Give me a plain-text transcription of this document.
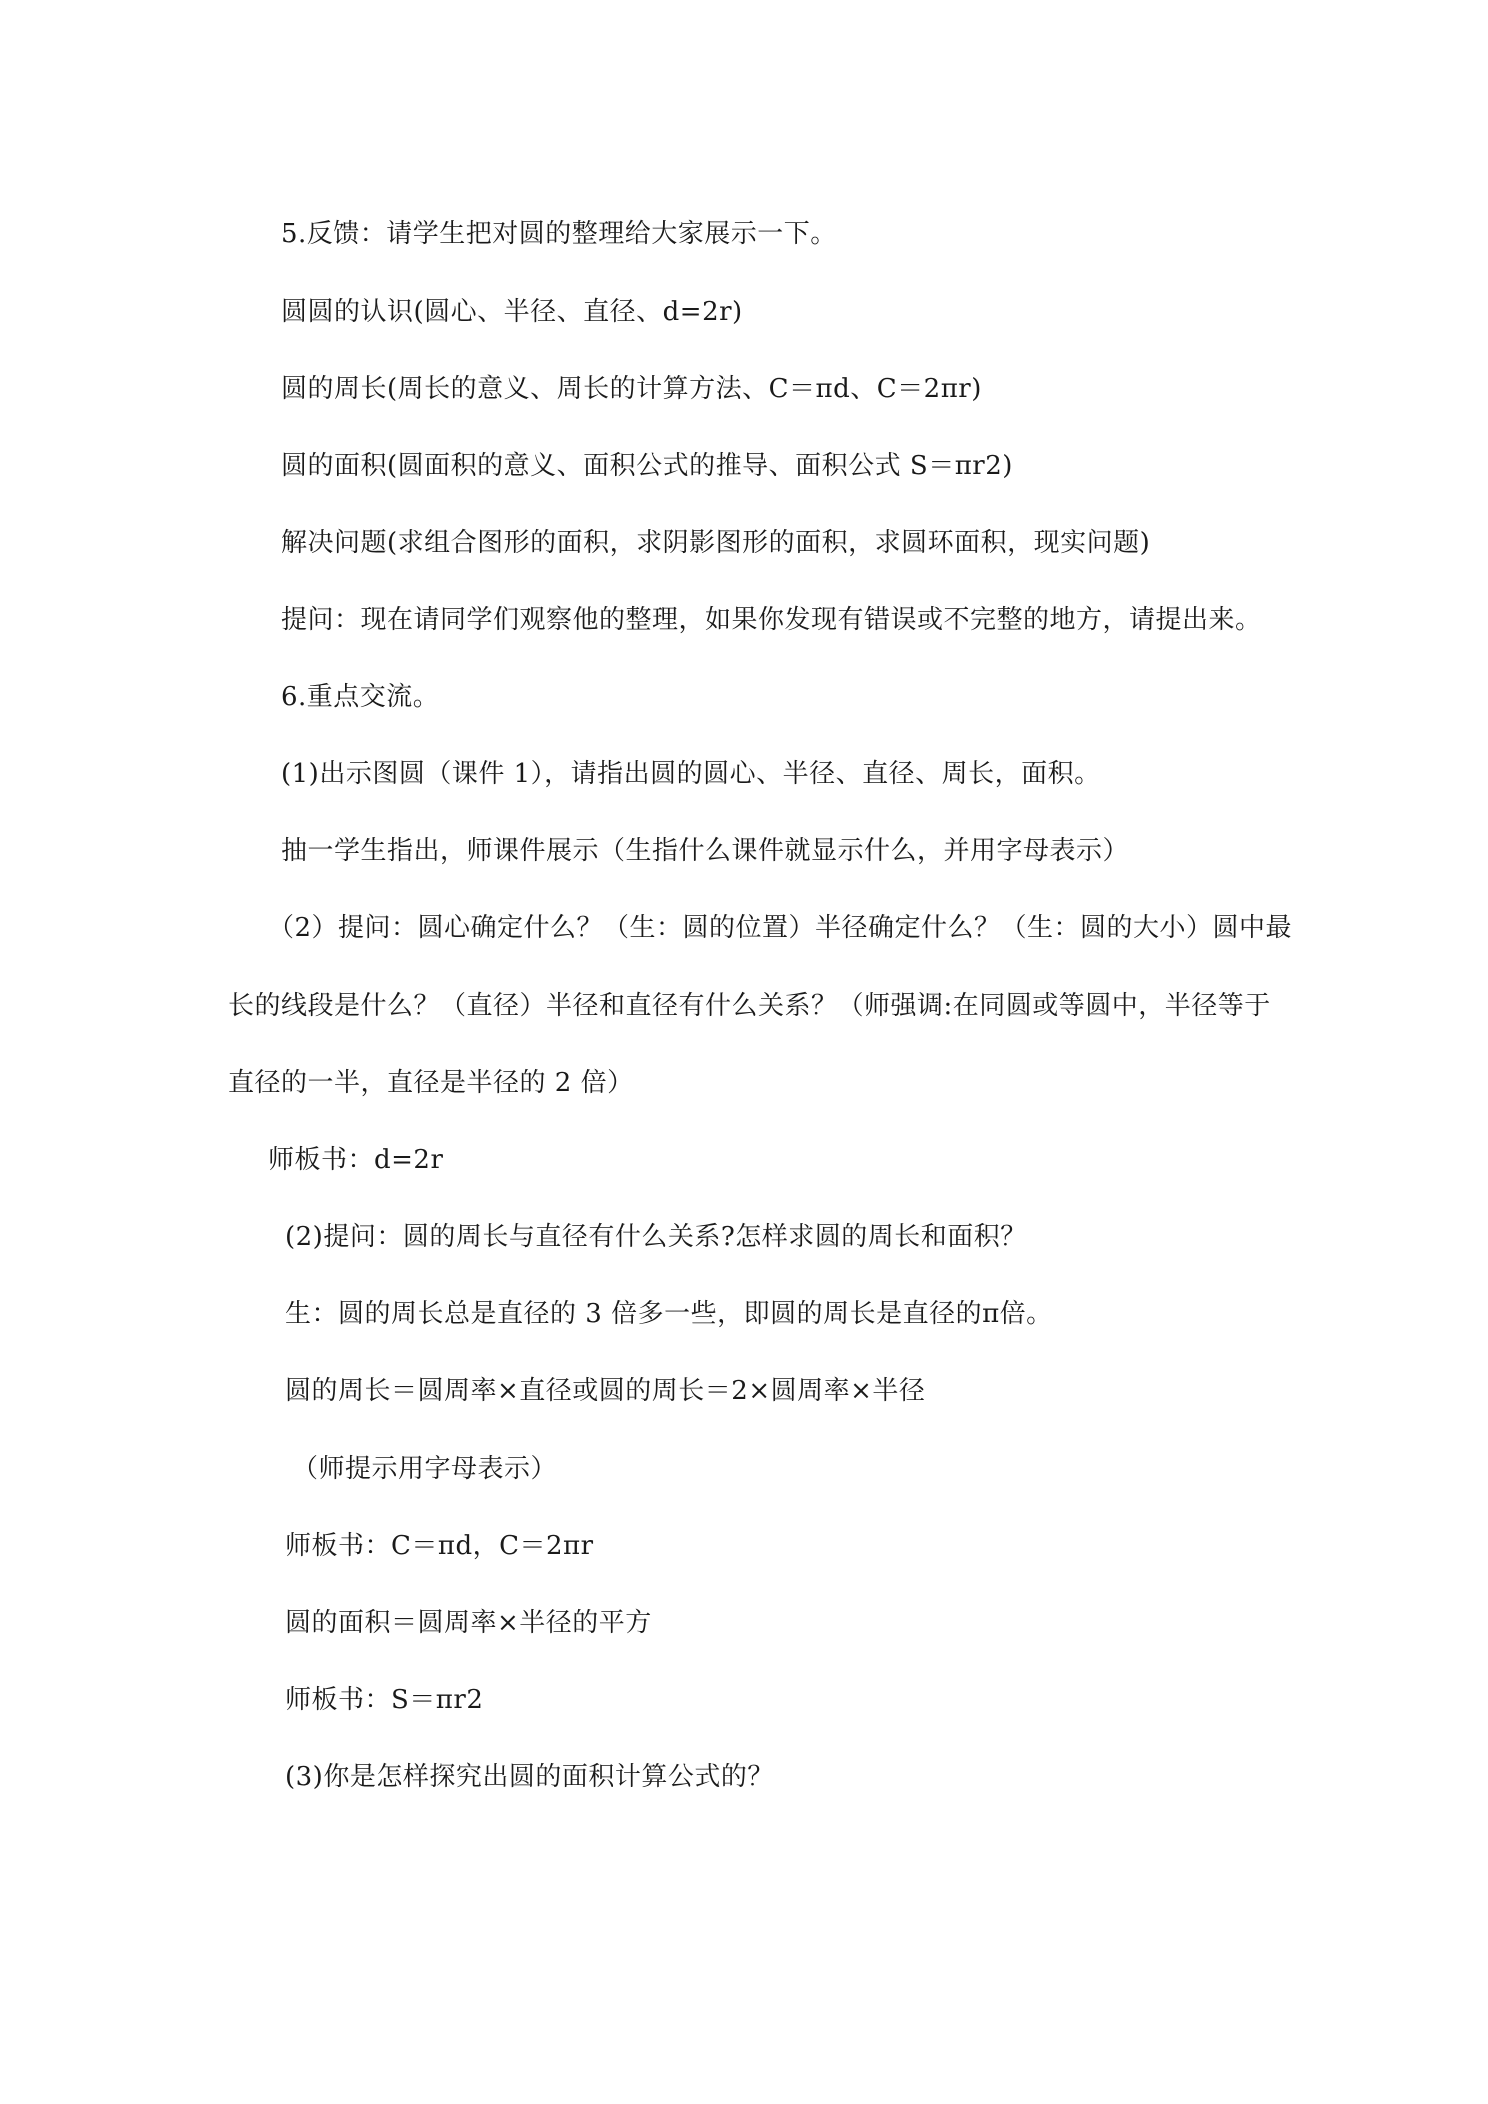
5.反馈：请学生把对圆的整理给大家展示一下。

圆圆的认识(圆心、半径、直径、d=2r)

圆的周长(周长的意义、周长的计算方法、C＝πd、C＝2πr)

圆的面积(圆面积的意义、面积公式的推导、面积公式 S＝πr2)

解决问题(求组合图形的面积，求阴影图形的面积，求圆环面积，现实问题)

提问：现在请同学们观察他的整理，如果你发现有错误或不完整的地方，请提出来。

6.重点交流。

(1)出示图圆（课件 1），请指出圆的圆心、半径、直径、周长，面积。

抽一学生指出，师课件展示（生指什么课件就显示什么，并用字母表示）

（2）提问：圆心确定什么？（生：圆的位置）半径确定什么？（生：圆的大小）圆中最

长的线段是什么？（直径）半径和直径有什么关系？（师强调:在同圆或等圆中，半径等于

直径的一半，直径是半径的 2 倍）

师板书：d=2r

(2)提问：圆的周长与直径有什么关系?怎样求圆的周长和面积？

生：圆的周长总是直径的 3 倍多一些，即圆的周长是直径的π倍。

圆的周长＝圆周率×直径或圆的周长＝2×圆周率×半径

（师提示用字母表示）

师板书：C＝πd，C＝2πr

圆的面积＝圆周率×半径的平方

师板书：S＝πr2

(3)你是怎样探究出圆的面积计算公式的？
